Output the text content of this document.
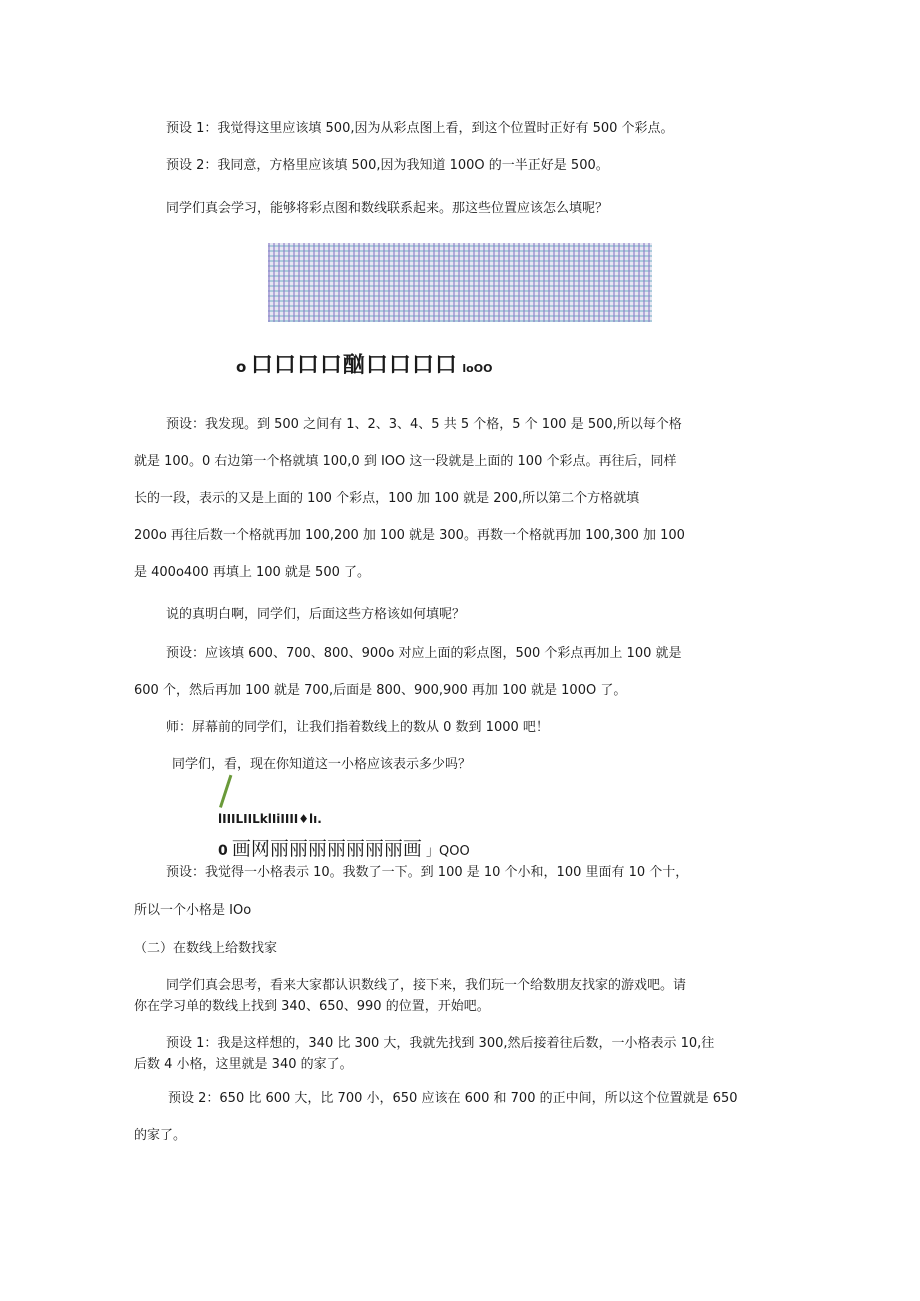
预设 1：我觉得这里应该填 500,因为从彩点图上看，到这个位置时正好有 500 个彩点。
预设 2：我同意，方格里应该填 500,因为我知道 100O 的一半正好是 500。
同学们真会学习，能够将彩点图和数线联系起来。那这些位置应该怎么填呢？
o 口口口口酗口口口口 loOO
预设：我发现。到 500 之间有 1、2、3、4、5 共 5 个格，5 个 100 是 500,所以每个格
就是 100。0 右边第一个格就填 100,0 到 IOO 这一段就是上面的 100 个彩点。再往后，同样
长的一段，表示的又是上面的 100 个彩点，100 加 100 就是 200,所以第二个方格就填
200o 再往后数一个格就再加 100,200 加 100 就是 300。再数一个格就再加 100,300 加 100
是 400o400 再填上 100 就是 500 了。
说的真明白啊，同学们，后面这些方格该如何填呢？
预设：应该填 600、700、800、900o 对应上面的彩点图，500 个彩点再加上 100 就是
600 个，然后再加 100 就是 700,后面是 800、900,900 再加 100 就是 100O 了。
师：屏幕前的同学们，让我们指着数线上的数从 0 数到 1000 吧！
同学们，看，现在你知道这一小格应该表示多少吗？
lIIILIILklIiIIII♦lı.
0 画网丽丽丽丽丽丽丽画 」QOO
预设：我觉得一小格表示 10。我数了一下。到 100 是 10 个小和，100 里面有 10 个十，
所以一个小格是 IOo
（二）在数线上给数找家
同学们真会思考，看来大家都认识数线了，接下来，我们玩一个给数朋友找家的游戏吧。请
你在学习单的数线上找到 340、650、990 的位置，开始吧。
预设 1：我是这样想的，340 比 300 大，我就先找到 300,然后接着往后数，一小格表示 10,往
后数 4 小格，这里就是 340 的家了。
预设 2：650 比 600 大，比 700 小，650 应该在 600 和 700 的正中间，所以这个位置就是 650
的家了。
